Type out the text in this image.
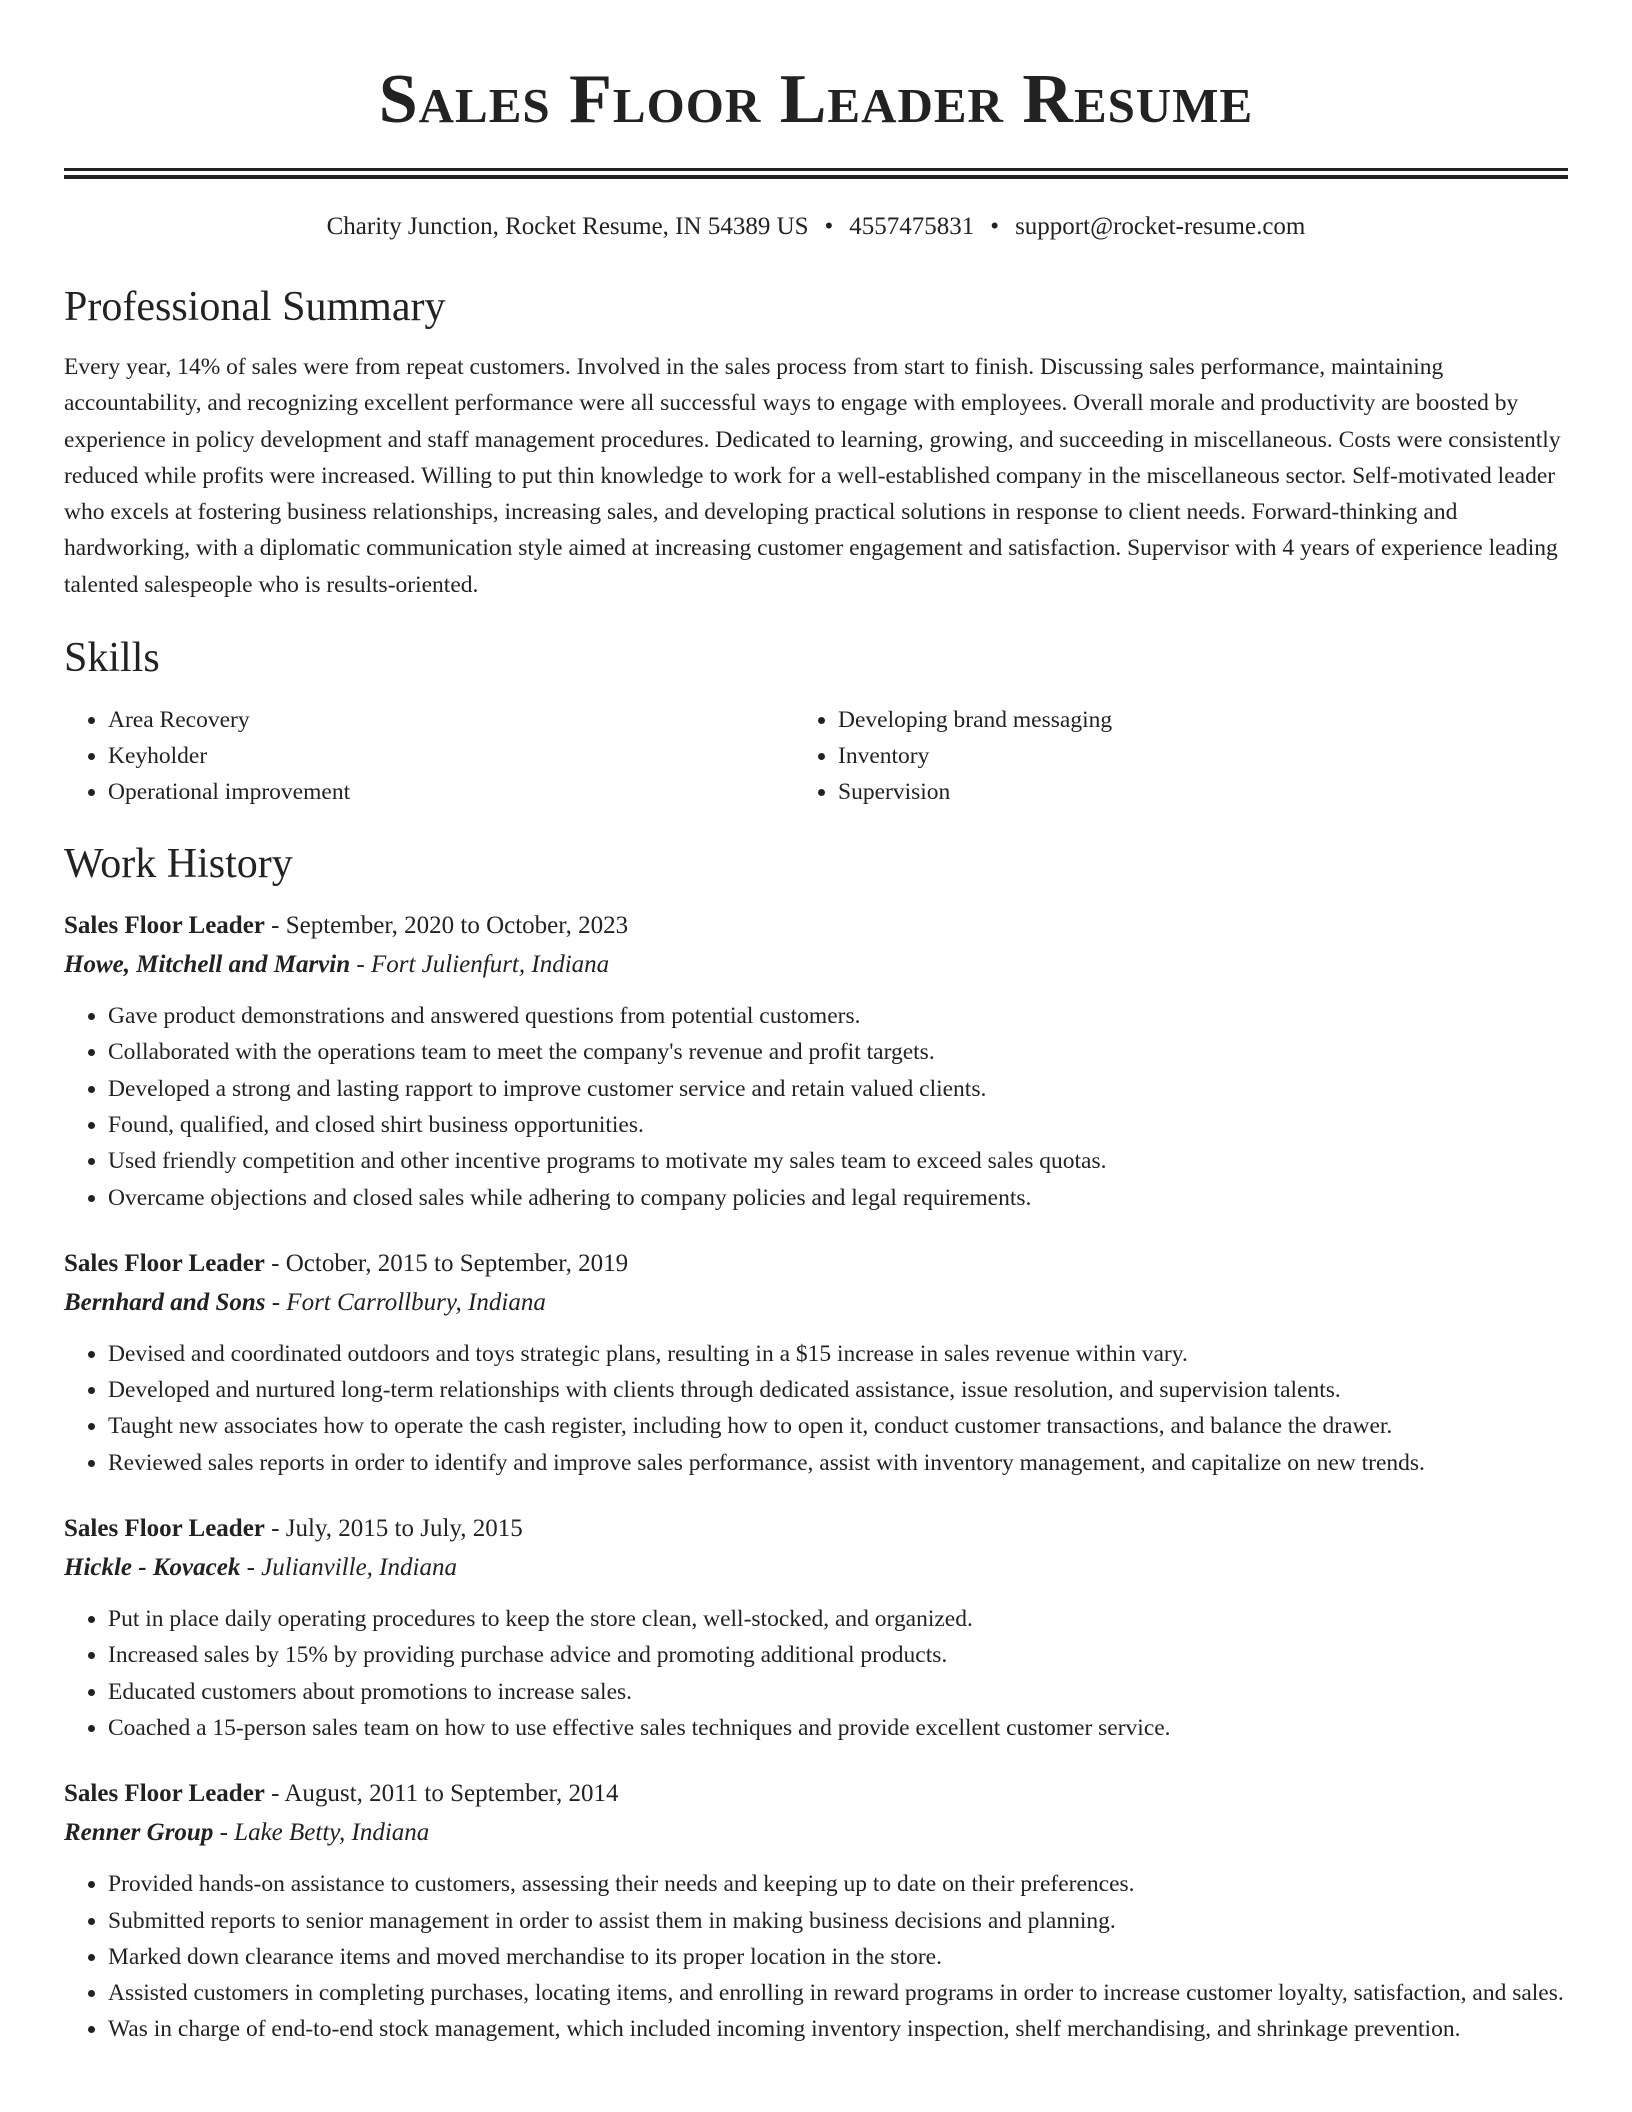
Sales Floor Leader Resume
Charity Junction, Rocket Resume, IN 54389 US • 4557475831 • support@rocket-resume.com
Professional Summary

Every year, 14% of sales were from repeat customers. Involved in the sales process from start to finish. Discussing sales performance, maintaining accountability, and recognizing excellent performance were all successful ways to engage with employees. Overall morale and productivity are boosted by experience in policy development and staff management procedures. Dedicated to learning, growing, and succeeding in miscellaneous. Costs were consistently reduced while profits were increased. Willing to put thin knowledge to work for a well-established company in the miscellaneous sector. Self-motivated leader who excels at fostering business relationships, increasing sales, and developing practical solutions in response to client needs. Forward-thinking and hardworking, with a diplomatic communication style aimed at increasing customer engagement and satisfaction. Supervisor with 4 years of experience leading talented salespeople who is results-oriented.

Skills
• Area Recovery
• Keyholder
• Operational improvement
• Developing brand messaging
• Inventory
• Supervision
Work History
Sales Floor Leader - September, 2020 to October, 2023
Howe, Mitchell and Marvin - Fort Julienfurt, Indiana
• Gave product demonstrations and answered questions from potential customers.
• Collaborated with the operations team to meet the company's revenue and profit targets.
• Developed a strong and lasting rapport to improve customer service and retain valued clients.
• Found, qualified, and closed shirt business opportunities.
• Used friendly competition and other incentive programs to motivate my sales team to exceed sales quotas.
• Overcame objections and closed sales while adhering to company policies and legal requirements.
Sales Floor Leader - October, 2015 to September, 2019
Bernhard and Sons - Fort Carrollbury, Indiana
• Devised and coordinated outdoors and toys strategic plans, resulting in a $15 increase in sales revenue within vary.
• Developed and nurtured long-term relationships with clients through dedicated assistance, issue resolution, and supervision talents.
• Taught new associates how to operate the cash register, including how to open it, conduct customer transactions, and balance the drawer.
• Reviewed sales reports in order to identify and improve sales performance, assist with inventory management, and capitalize on new trends.
Sales Floor Leader - July, 2015 to July, 2015
Hickle - Kovacek - Julianville, Indiana
• Put in place daily operating procedures to keep the store clean, well-stocked, and organized.
• Increased sales by 15% by providing purchase advice and promoting additional products.
• Educated customers about promotions to increase sales.
• Coached a 15-person sales team on how to use effective sales techniques and provide excellent customer service.
Sales Floor Leader - August, 2011 to September, 2014
Renner Group - Lake Betty, Indiana
• Provided hands-on assistance to customers, assessing their needs and keeping up to date on their preferences.
• Submitted reports to senior management in order to assist them in making business decisions and planning.
• Marked down clearance items and moved merchandise to its proper location in the store.
• Assisted customers in completing purchases, locating items, and enrolling in reward programs in order to increase customer loyalty, satisfaction, and sales.
• Was in charge of end-to-end stock management, which included incoming inventory inspection, shelf merchandising, and shrinkage prevention.
